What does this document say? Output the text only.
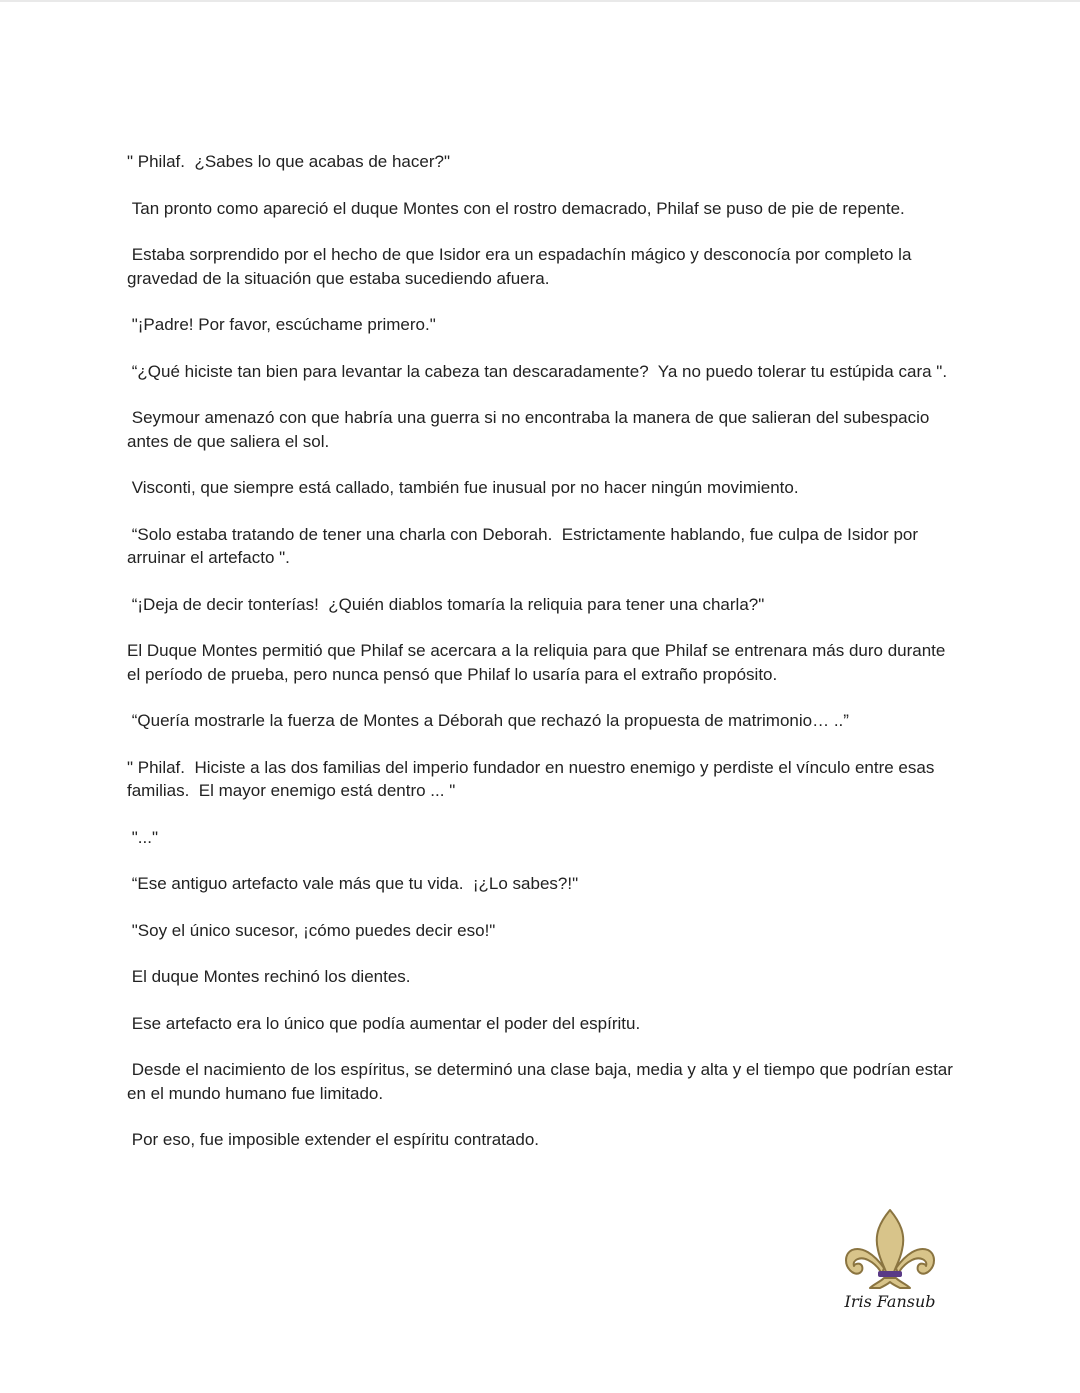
" Philaf.  ¿Sabes lo que acabas de hacer?"

Tan pronto como apareció el duque Montes con el rostro demacrado, Philaf se puso de pie de repente.

Estaba sorprendido por el hecho de que Isidor era un espadachín mágico y desconocía por completo la gravedad de la situación que estaba sucediendo afuera.

"¡Padre! Por favor, escúchame primero."

“¿Qué hiciste tan bien para levantar la cabeza tan descaradamente?  Ya no puedo tolerar tu estúpida cara ".

Seymour amenazó con que habría una guerra si no encontraba la manera de que salieran del subespacio antes de que saliera el sol.

Visconti, que siempre está callado, también fue inusual por no hacer ningún movimiento.

“Solo estaba tratando de tener una charla con Deborah.  Estrictamente hablando, fue culpa de Isidor por arruinar el artefacto ".

“¡Deja de decir tonterías!  ¿Quién diablos tomaría la reliquia para tener una charla?"

El Duque Montes permitió que Philaf se acercara a la reliquia para que Philaf se entrenara más duro durante el período de prueba, pero nunca pensó que Philaf lo usaría para el extraño propósito.

“Quería mostrarle la fuerza de Montes a Déborah que rechazó la propuesta de matrimonio… ..”

" Philaf.  Hiciste a las dos familias del imperio fundador en nuestro enemigo y perdiste el vínculo entre esas familias.  El mayor enemigo está dentro ... "

"..."

“Ese antiguo artefacto vale más que tu vida.  ¡¿Lo sabes?!"

"Soy el único sucesor, ¡cómo puedes decir eso!"

El duque Montes rechinó los dientes.

Ese artefacto era lo único que podía aumentar el poder del espíritu.

Desde el nacimiento de los espíritus, se determinó una clase baja, media y alta y el tiempo que podrían estar en el mundo humano fue limitado.

Por eso, fue imposible extender el espíritu contratado.

Iris Fansub
